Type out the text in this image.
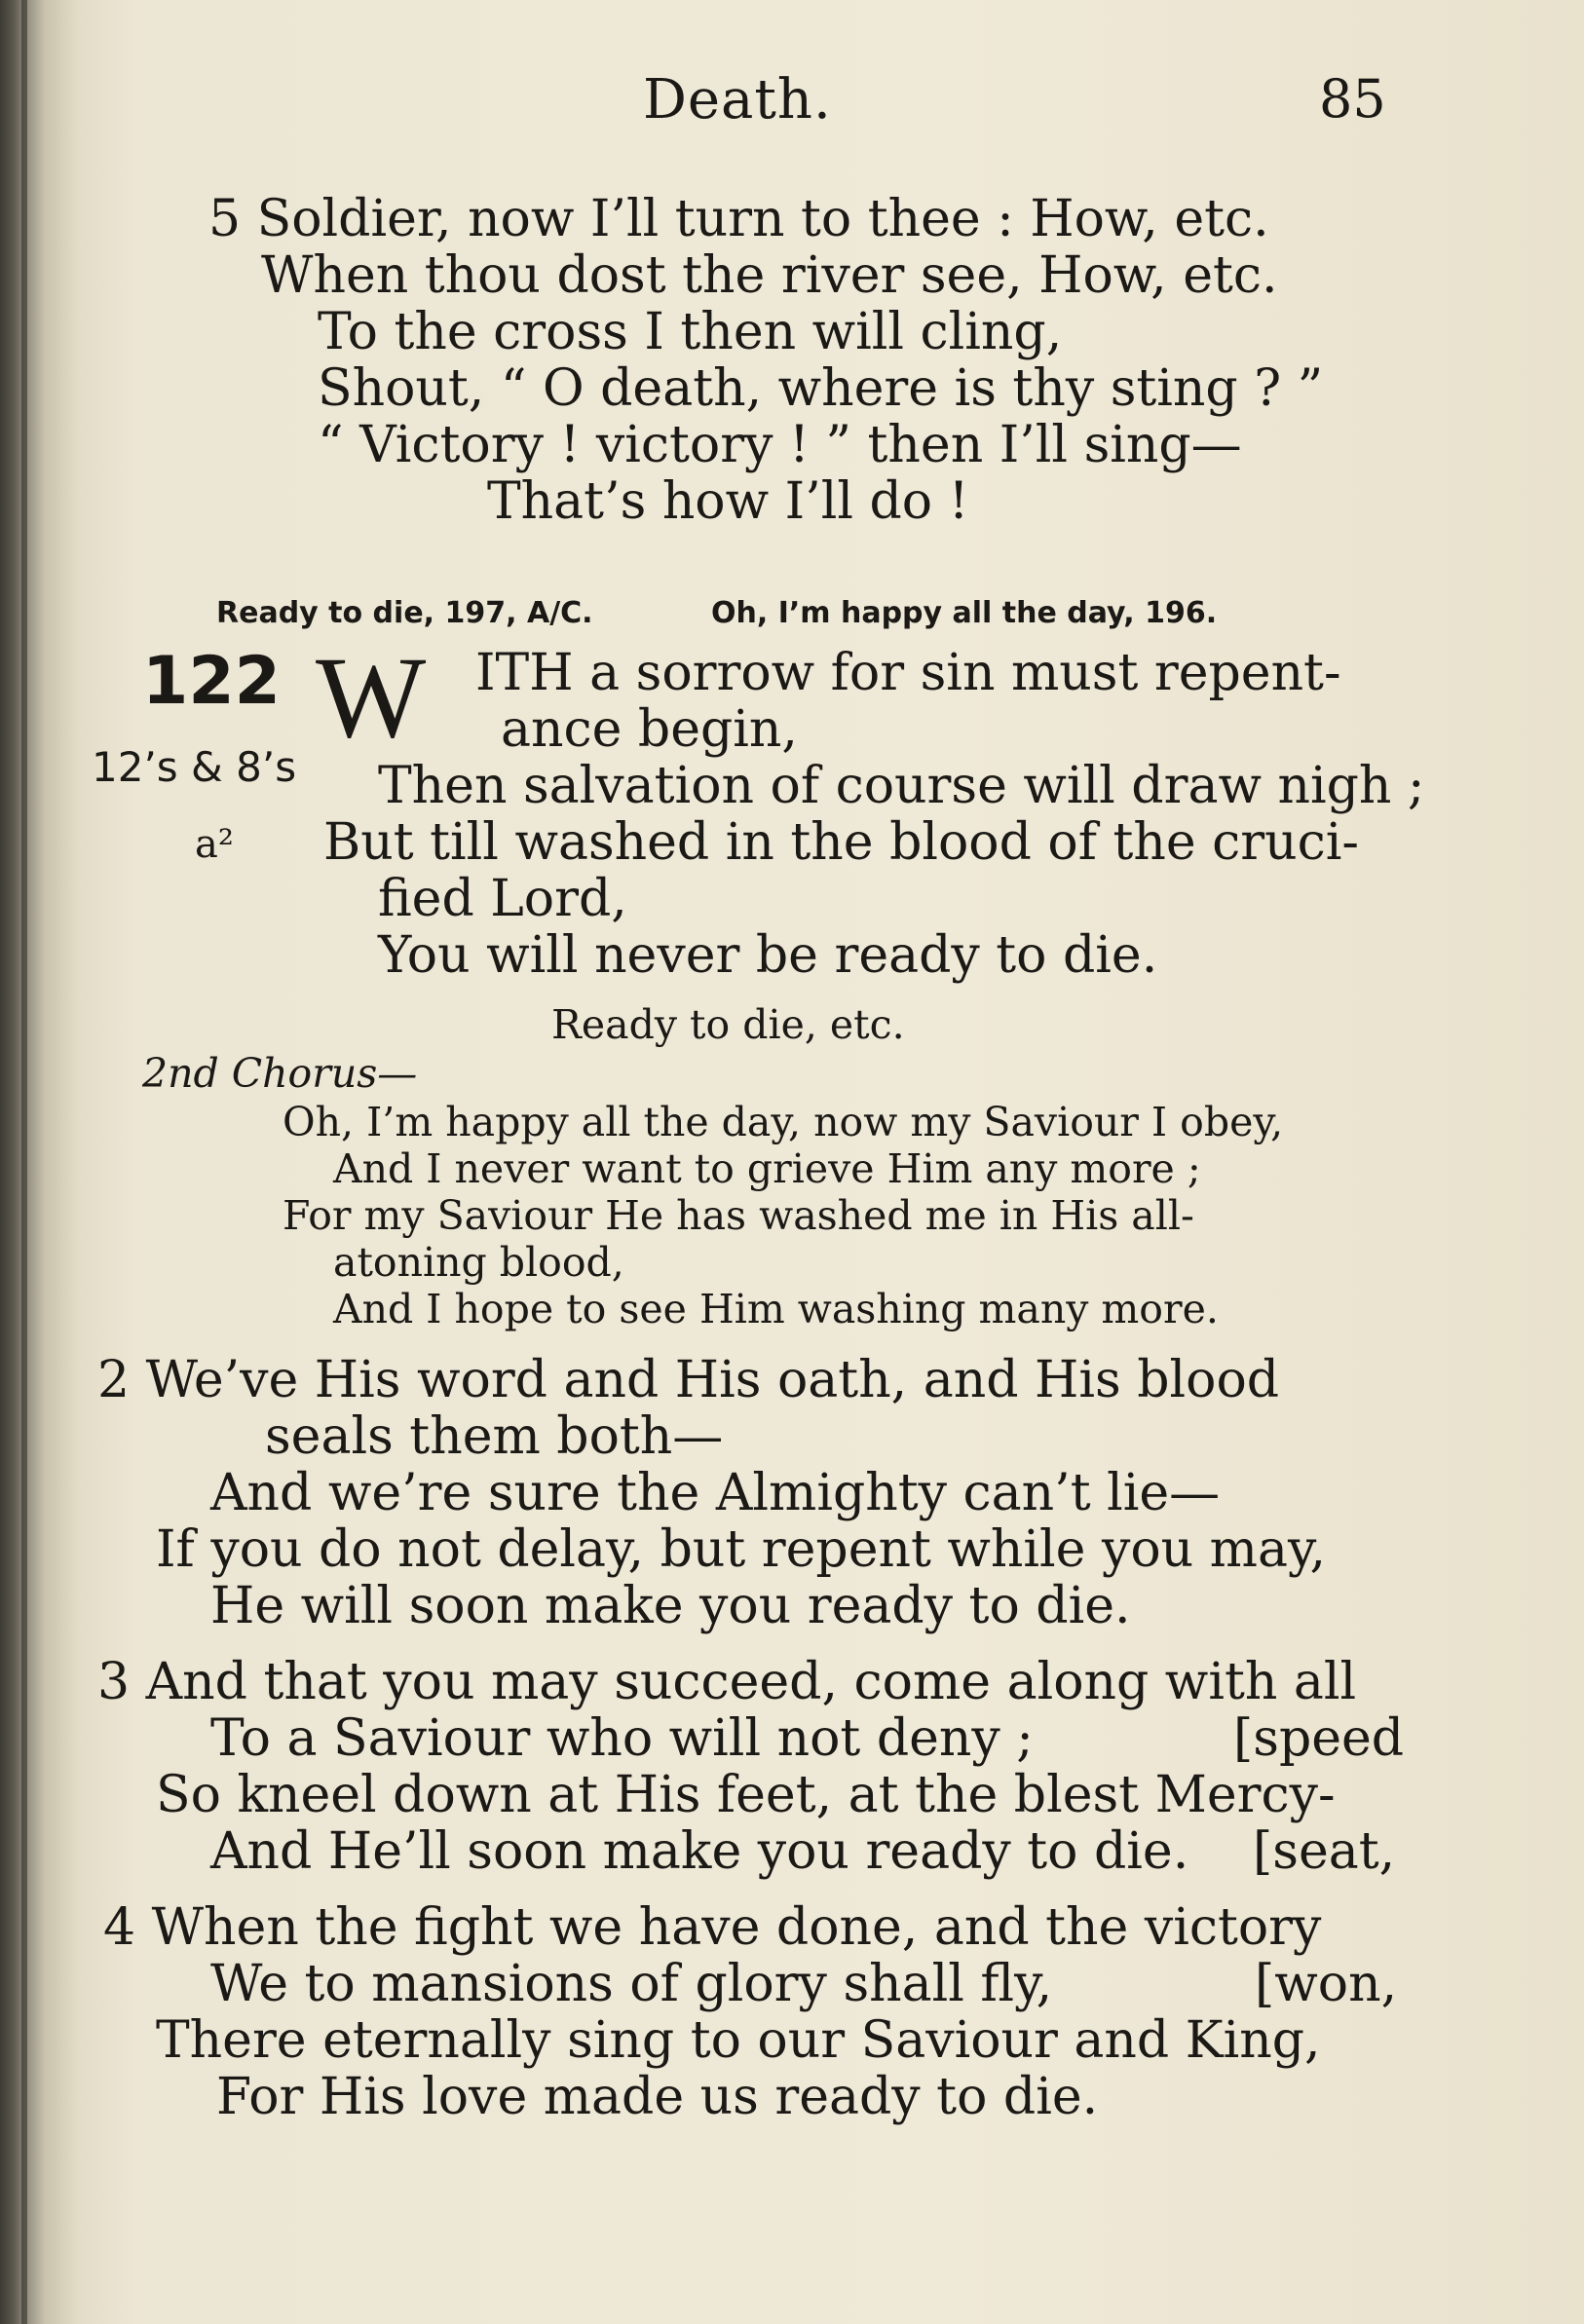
Death.	85
5 Soldier, now I’ll turn to thee : How, etc.
When thou dost the river see, How, etc.
To the cross I then will cling,
Shout, “ O death, where is thy sting ? ”
“ Victory ! victory ! ” then I’ll sing—
That’s how I’ll do !
Ready to die, 197, A/C.	Oh, I’m happy all the day, 196.
122
12’s & 8’s
a²
W ITH a sorrow for sin must repent-
ance begin,
Then salvation of course will draw nigh ;
But till washed in the blood of the cruci-
fied Lord,
You will never be ready to die.
Ready to die, etc.
2nd Chorus—
Oh, I’m happy all the day, now my Saviour I obey,
And I never want to grieve Him any more ;
For my Saviour He has washed me in His all-
atoning blood,
And I hope to see Him washing many more.
2 We’ve His word and His oath, and His blood
seals them both—
And we’re sure the Almighty can’t lie—
If you do not delay, but repent while you may,
He will soon make you ready to die.
3 And that you may succeed, come along with all
To a Saviour who will not deny ;	[speed
So kneel down at His feet, at the blest Mercy-
And He’ll soon make you ready to die. [seat,
4 When the fight we have done, and the victory
We to mansions of glory shall fly,	[won,
There eternally sing to our Saviour and King,
For His love made us ready to die.
